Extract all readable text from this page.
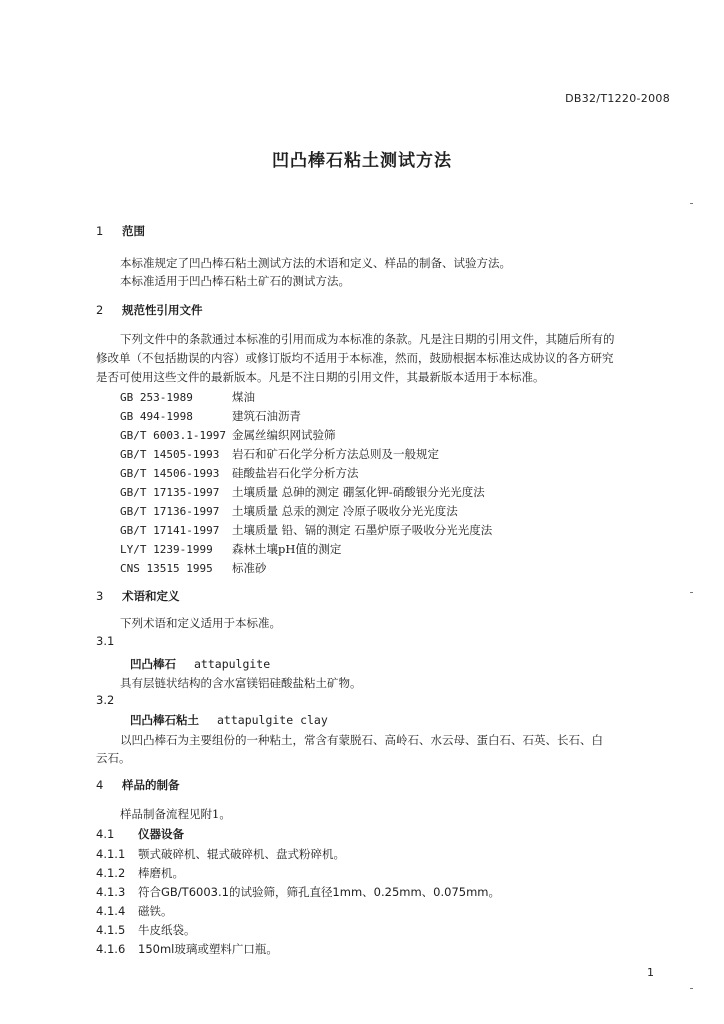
DB32/T1220-2008
凹凸棒石粘土测试方法
1 范围
本标准规定了凹凸棒石粘土测试方法的术语和定义、样品的制备、试验方法。
本标准适用于凹凸棒石粘土矿石的测试方法。
2 规范性引用文件
下列文件中的条款通过本标准的引用而成为本标准的条款。凡是注日期的引用文件，其随后所有的
修改单（不包括勘误的内容）或修订版均不适用于本标准，然而，鼓励根据本标准达成协议的各方研究
是否可使用这些文件的最新版本。凡是不注日期的引用文件，其最新版本适用于本标准。
GB 253-1989	煤油
GB 494-1998	建筑石油沥青
GB/T 6003.1-1997 金属丝编织网试验筛
GB/T 14505-1993 岩石和矿石化学分析方法总则及一般规定
GB/T 14506-1993 硅酸盐岩石化学分析方法
GB/T 17135-1997 土壤质量 总砷的测定 硼氢化钾-硝酸银分光光度法
GB/T 17136-1997 土壤质量 总汞的测定 冷原子吸收分光光度法
GB/T 17141-1997 土壤质量 铅、镉的测定 石墨炉原子吸收分光光度法
LY/T 1239-1999 森林土壤pH值的测定
CNS 13515 1995 标准砂
3 术语和定义
下列术语和定义适用于本标准。
3.1
凹凸棒石 attapulgite
具有层链状结构的含水富镁铝硅酸盐粘土矿物。
3.2
凹凸棒石粘土 attapulgite clay
以凹凸棒石为主要组份的一种粘土，常含有蒙脱石、高岭石、水云母、蛋白石、石英、长石、白
云石。
4 样品的制备
样品制备流程见附1。
4.1 仪器设备
4.1.1 颚式破碎机、辊式破碎机、盘式粉碎机。
4.1.2 棒磨机。
4.1.3 符合GB/T6003.1的试验筛，筛孔直径1mm、0.25mm、0.075mm。
4.1.4 磁铁。
4.1.5 牛皮纸袋。
4.1.6 150ml玻璃或塑料广口瓶。
1
